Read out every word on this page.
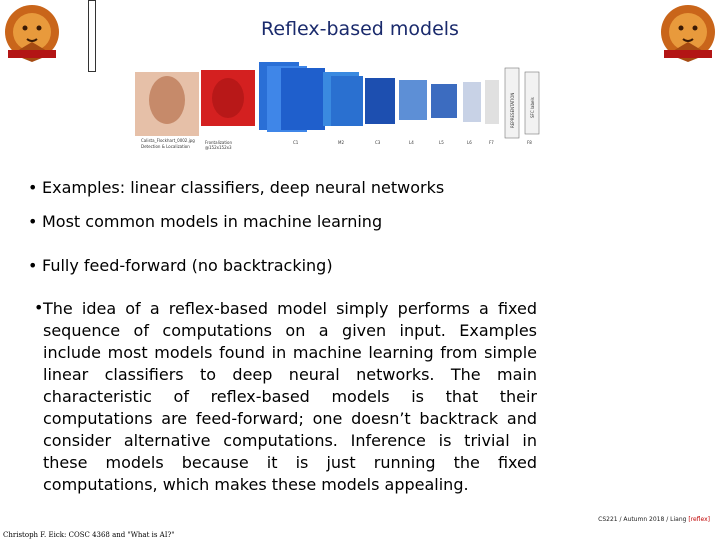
Reflex-based models
Calista_Flockhart_0002.jpg
Detection & Localization
Frontalization
@152x152x3
C1	M2	C3	L4	L5	L6	F7	F8
REPRESENTATION	SFC labels
• Examples: linear classifiers, deep neural networks
• Most common models in machine learning
• Fully feed-forward (no backtracking)
• The idea of a reflex-based model simply performs a fixed sequence of computations on a given input. Examples include most models found in machine learning from simple linear classifiers to deep neural networks. The main characteristic of reflex-based models is that their computations are feed-forward; one doesn’t backtrack and consider alternative computations. Inference is trivial in these models because it is just running the fixed computations, which makes these models appealing.
CS221 / Autumn 2018 / Liang [reflex]
Christoph F. Eick: COSC 4368 and "What is AI?"
